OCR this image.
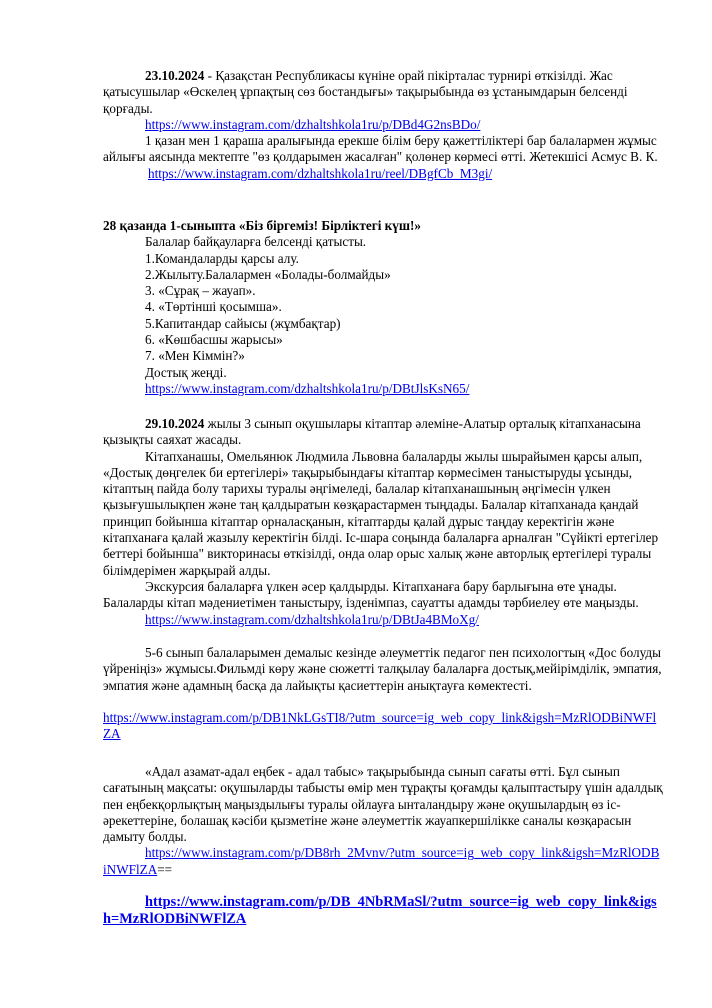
23.10.2024 - Қазақстан Республикасы күніне орай пікірталас турнирі өткізілді. Жас қатысушылар «Өскелең ұрпақтың сөз бостандығы» тақырыбында өз ұстанымдарын белсенді қорғады.

https://www.instagram.com/dzhaltshkola1ru/p/DBd4G2nsBDo/

1 қазан мен 1 қараша аралығында ерекше білім беру қажеттіліктері бар балалармен жұмыс айлығы аясында мектепте "өз қолдарымен жасалған" қолөнер көрмесі өтті. Жетекшісі Асмус В. К.

https://www.instagram.com/dzhaltshkola1ru/reel/DBgfCb_M3gi/

28 қазанда 1-сыныпта «Біз біргеміз! Бірліктегі күш!»

Балалар байқауларға белсенді қатысты.

1.Командаларды қарсы алу.

2.Жылыту.Балалармен «Болады-болмайды»

3. «Сұрақ – жауап».

4. «Төртінші қосымша».

5.Капитандар сайысы (жұмбақтар)

6. «Көшбасшы жарысы»

7. «Мен Кіммін?»

Достық жеңді.

https://www.instagram.com/dzhaltshkola1ru/p/DBtJlsKsN65/

29.10.2024 жылы 3 сынып оқушылары кітаптар әлеміне-Алатыр орталық кітапханасына қызықты саяхат жасады.

Кітапханашы, Омельянюк Людмила Львовна балаларды жылы шырайымен қарсы алып, «Достық дөңгелек би ертегілері» тақырыбындағы кітаптар көрмесімен таныстыруды ұсынды, кітаптың пайда болу тарихы туралы әңгімеледі, балалар кітапханашының әңгімесін үлкен қызығушылықпен және таң қалдыратын көзқарастармен тыңдады. Балалар кітапханада қандай принцип бойынша кітаптар орналасқанын, кітаптарды қалай дұрыс таңдау керектігін және кітапханаға қалай жазылу керектігін білді. Іс-шара соңында балаларға арналған "Сүйікті ертегілер беттері бойынша" викторинасы өткізілді, онда олар орыс халық және авторлық ертегілері туралы білімдерімен жарқырай алды.

Экскурсия балаларға үлкен әсер қалдырды. Кітапханаға бару барлығына өте ұнады. Балаларды кітап мәдениетімен таныстыру, ізденімпаз, сауатты адамды тәрбиелеу өте маңызды.

https://www.instagram.com/dzhaltshkola1ru/p/DBtJa4BMoXg/

5-6 сынып балаларымен демалыс кезінде әлеуметтік педагог пен психологтың «Дос болуды үйреніңіз» жұмысы.Фильмді көру және сюжетті талқылау балаларға достық,мейірімділік, эмпатия, эмпатия және адамның басқа да лайықты қасиеттерін анықтауға көмектесті.

https://www.instagram.com/p/DB1NkLGsTI8/?utm_source=ig_web_copy_link&igsh=MzRlODBiNWFlZA

«Адал азамат-адал еңбек - адал табыс» тақырыбында сынып сағаты өтті. Бұл сынып сағатының мақсаты: оқушыларды табысты өмір мен тұрақты қоғамды қалыптастыру үшін адалдық пен еңбекқорлықтың маңыздылығы туралы ойлауға ынталандыру және оқушылардың өз іс-әрекеттеріне, болашақ кәсіби қызметіне және әлеуметтік жауапкершілікке саналы көзқарасын дамыту болды.

https://www.instagram.com/p/DB8rh_2Mvnv/?utm_source=ig_web_copy_link&igsh=MzRlODBiNWFlZA==

https://www.instagram.com/p/DB_4NbRMaSl/?utm_source=ig_web_copy_link&igsh=MzRlODBiNWFlZA
